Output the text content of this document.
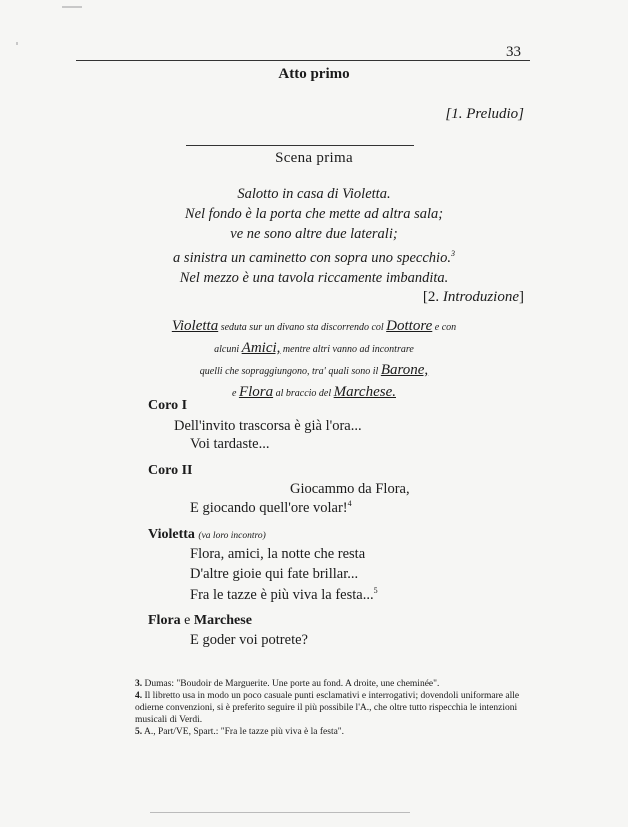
33
Atto primo
[1. Preludio]
Scena prima
Salotto in casa di Violetta.
Nel fondo è la porta che mette ad altra sala;
ve ne sono altre due laterali;
a sinistra un caminetto con sopra uno specchio.$^3$
Nel mezzo è una tavola riccamente imbandita.
[2. Introduzione]
Violetta seduta sur un divano sta discorrendo col Dottore e con
alcuni Amici, mentre altri vanno ad incontrare
quelli che sopraggiungono, tra' quali sono il Barone,
e Flora al braccio del Marchese.
Coro I
Dell'invito trascorsa è già l'ora...
Voi tardaste...
Coro II
Giocammo da Flora,
E giocando quell'ore volar!$^4$
Violetta (va loro incontro)
Flora, amici, la notte che resta
D'altre gioie qui fate brillar...
Fra le tazze è più viva la festa...$^5$
Flora e Marchese
E goder voi potrete?
3. Dumas: "Boudoir de Marguerite. Une porte au fond. A droite, une cheminée".
4. Il libretto usa in modo un poco casuale punti esclamativi e interrogativi; dovendoli uniformare alle odierne convenzioni, si è preferito seguire il più possibile l'A., che oltre tutto rispecchia le intenzioni musicali di Verdi.
5. A., Part/VE, Spart.: "Fra le tazze più viva è la festa".
